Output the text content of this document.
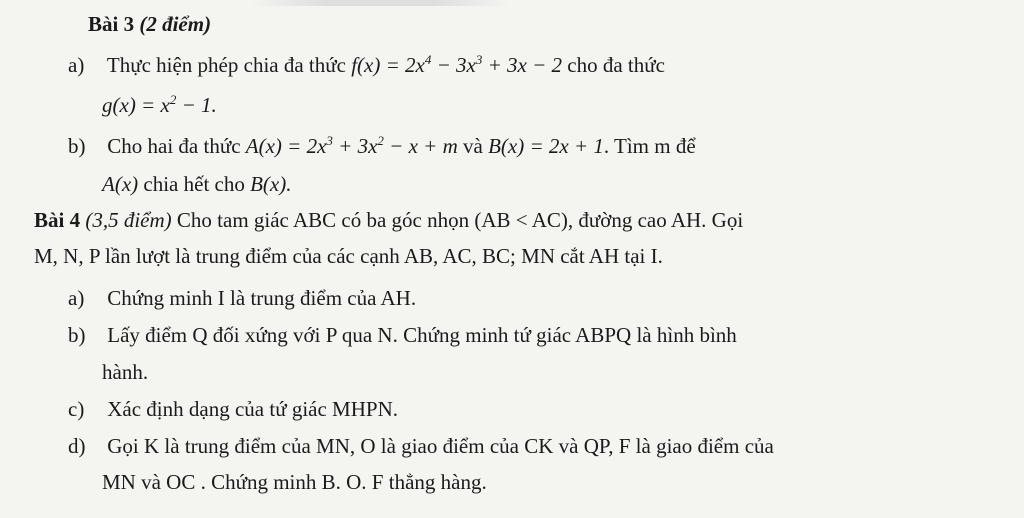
Bài 3 (2 điểm)
a) Thực hiện phép chia đa thức $f(x) = 2x^4 - 3x^3 + 3x - 2$ cho đa thức
$g(x) = x^2 - 1$.
b) Cho hai đa thức $A(x) = 2x^3 + 3x^2 - x + m$ và B(x) = 2x + 1. Tìm m để
A(x) chia hết cho B(x).
Bài 4 (3,5 điểm) Cho tam giác ABC có ba góc nhọn (AB < AC), đường cao AH. Gọi
M, N, P lần lượt là trung điểm của các cạnh AB, AC, BC; MN cắt AH tại I.
a) Chứng minh I là trung điểm của AH.
b) Lấy điểm Q đối xứng với P qua N. Chứng minh tứ giác ABPQ là hình bình
hành.
c) Xác định dạng của tứ giác MHPN.
d) Gọi K là trung điểm của MN, O là giao điểm của CK và QP, F là giao điểm của
MN và OC . Chứng minh B. O. F thẳng hàng.
